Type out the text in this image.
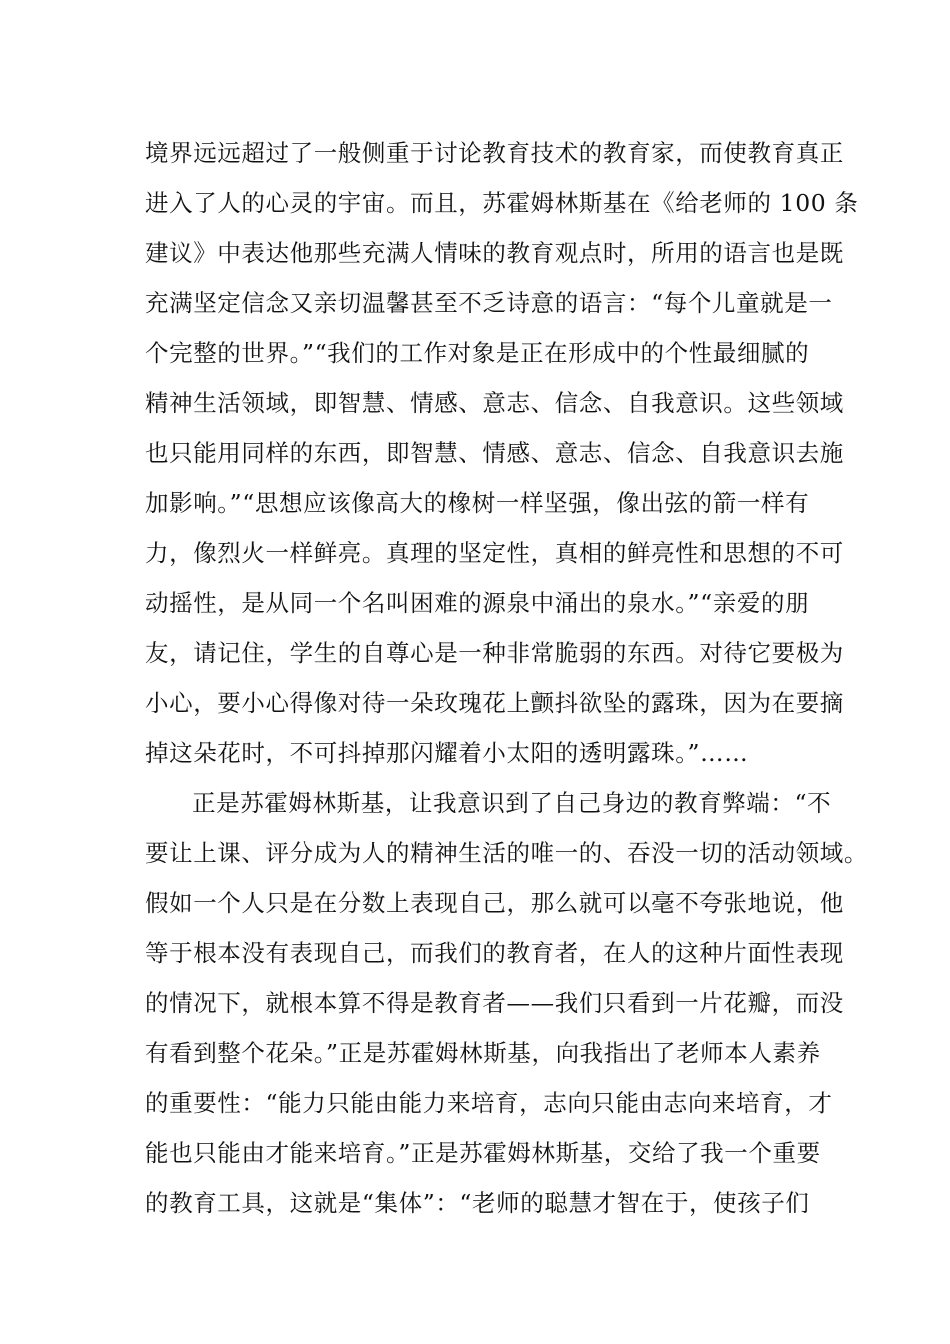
境界远远超过了一般侧重于讨论教育技术的教育家，而使教育真正
进入了人的心灵的宇宙。而且，苏霍姆林斯基在《给老师的 100 条
建议》中表达他那些充满人情味的教育观点时，所用的语言也是既
充满坚定信念又亲切温馨甚至不乏诗意的语言：“每个儿童就是一
个完整的世界。”“我们的工作对象是正在形成中的个性最细腻的
精神生活领域，即智慧、情感、意志、信念、自我意识。这些领域
也只能用同样的东西，即智慧、情感、意志、信念、自我意识去施
加影响。”“思想应该像高大的橡树一样坚强，像出弦的箭一样有
力，像烈火一样鲜亮。真理的坚定性，真相的鲜亮性和思想的不可
动摇性，是从同一个名叫困难的源泉中涌出的泉水。”“亲爱的朋
友，请记住，学生的自尊心是一种非常脆弱的东西。对待它要极为
小心，要小心得像对待一朵玫瑰花上颤抖欲坠的露珠，因为在要摘
掉这朵花时，不可抖掉那闪耀着小太阳的透明露珠。”……
正是苏霍姆林斯基，让我意识到了自己身边的教育弊端：“不
要让上课、评分成为人的精神生活的唯一的、吞没一切的活动领域。
假如一个人只是在分数上表现自己，那么就可以毫不夸张地说，他
等于根本没有表现自己，而我们的教育者，在人的这种片面性表现
的情况下，就根本算不得是教育者——我们只看到一片花瓣，而没
有看到整个花朵。”正是苏霍姆林斯基，向我指出了老师本人素养
的重要性：“能力只能由能力来培育，志向只能由志向来培育，才
能也只能由才能来培育。”正是苏霍姆林斯基，交给了我一个重要
的教育工具，这就是“集体”：“老师的聪慧才智在于，使孩子们
